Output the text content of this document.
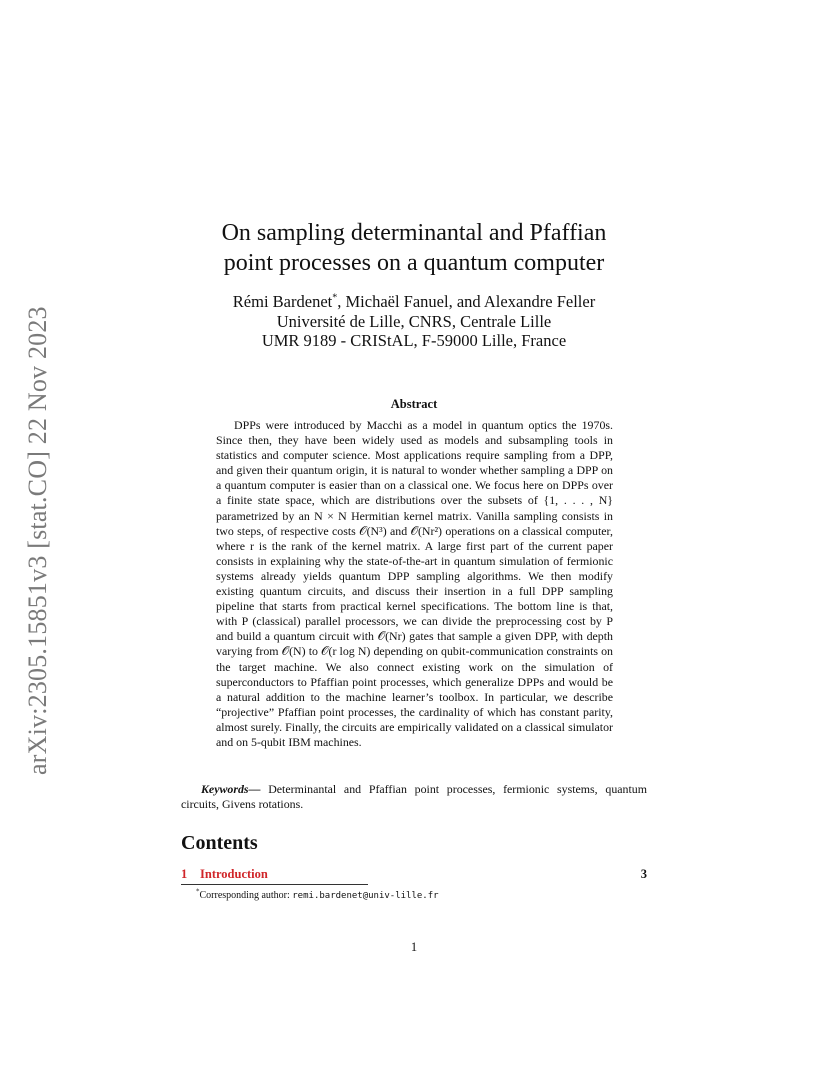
arXiv:2305.15851v3 [stat.CO] 22 Nov 2023
On sampling determinantal and Pfaffian
point processes on a quantum computer
Rémi Bardenet*, Michaël Fanuel, and Alexandre Feller
Université de Lille, CNRS, Centrale Lille
UMR 9189 - CRIStAL, F-59000 Lille, France
Abstract
DPPs were introduced by Macchi as a model in quantum optics the 1970s. Since then, they have been widely used as models and subsampling tools in statistics and computer science. Most applications require sampling from a DPP, and given their quantum origin, it is natural to wonder whether sampling a DPP on a quantum computer is easier than on a classical one. We focus here on DPPs over a finite state space, which are distributions over the subsets of {1, . . . , N} parametrized by an N × N Hermitian kernel matrix. Vanilla sampling consists in two steps, of respective costs 𝒪(N³) and 𝒪(Nr²) operations on a classical computer, where r is the rank of the kernel matrix. A large first part of the current paper consists in explaining why the state-of-the-art in quantum simulation of fermionic systems already yields quantum DPP sampling algorithms. We then modify existing quantum circuits, and discuss their insertion in a full DPP sampling pipeline that starts from practical kernel specifications. The bottom line is that, with P (classical) parallel processors, we can divide the preprocessing cost by P and build a quantum circuit with 𝒪(Nr) gates that sample a given DPP, with depth varying from 𝒪(N) to 𝒪(r log N) depending on qubit-communication constraints on the target machine. We also connect existing work on the simulation of superconductors to Pfaffian point processes, which generalize DPPs and would be a natural addition to the machine learner’s toolbox. In particular, we describe “projective” Pfaffian point processes, the cardinality of which has constant parity, almost surely. Finally, the circuits are empirically validated on a classical simulator and on 5-qubit IBM machines.
Keywords— Determinantal and Pfaffian point processes, fermionic systems, quantum circuits, Givens rotations.
Contents
1 Introduction	3
*Corresponding author: remi.bardenet@univ-lille.fr
1
